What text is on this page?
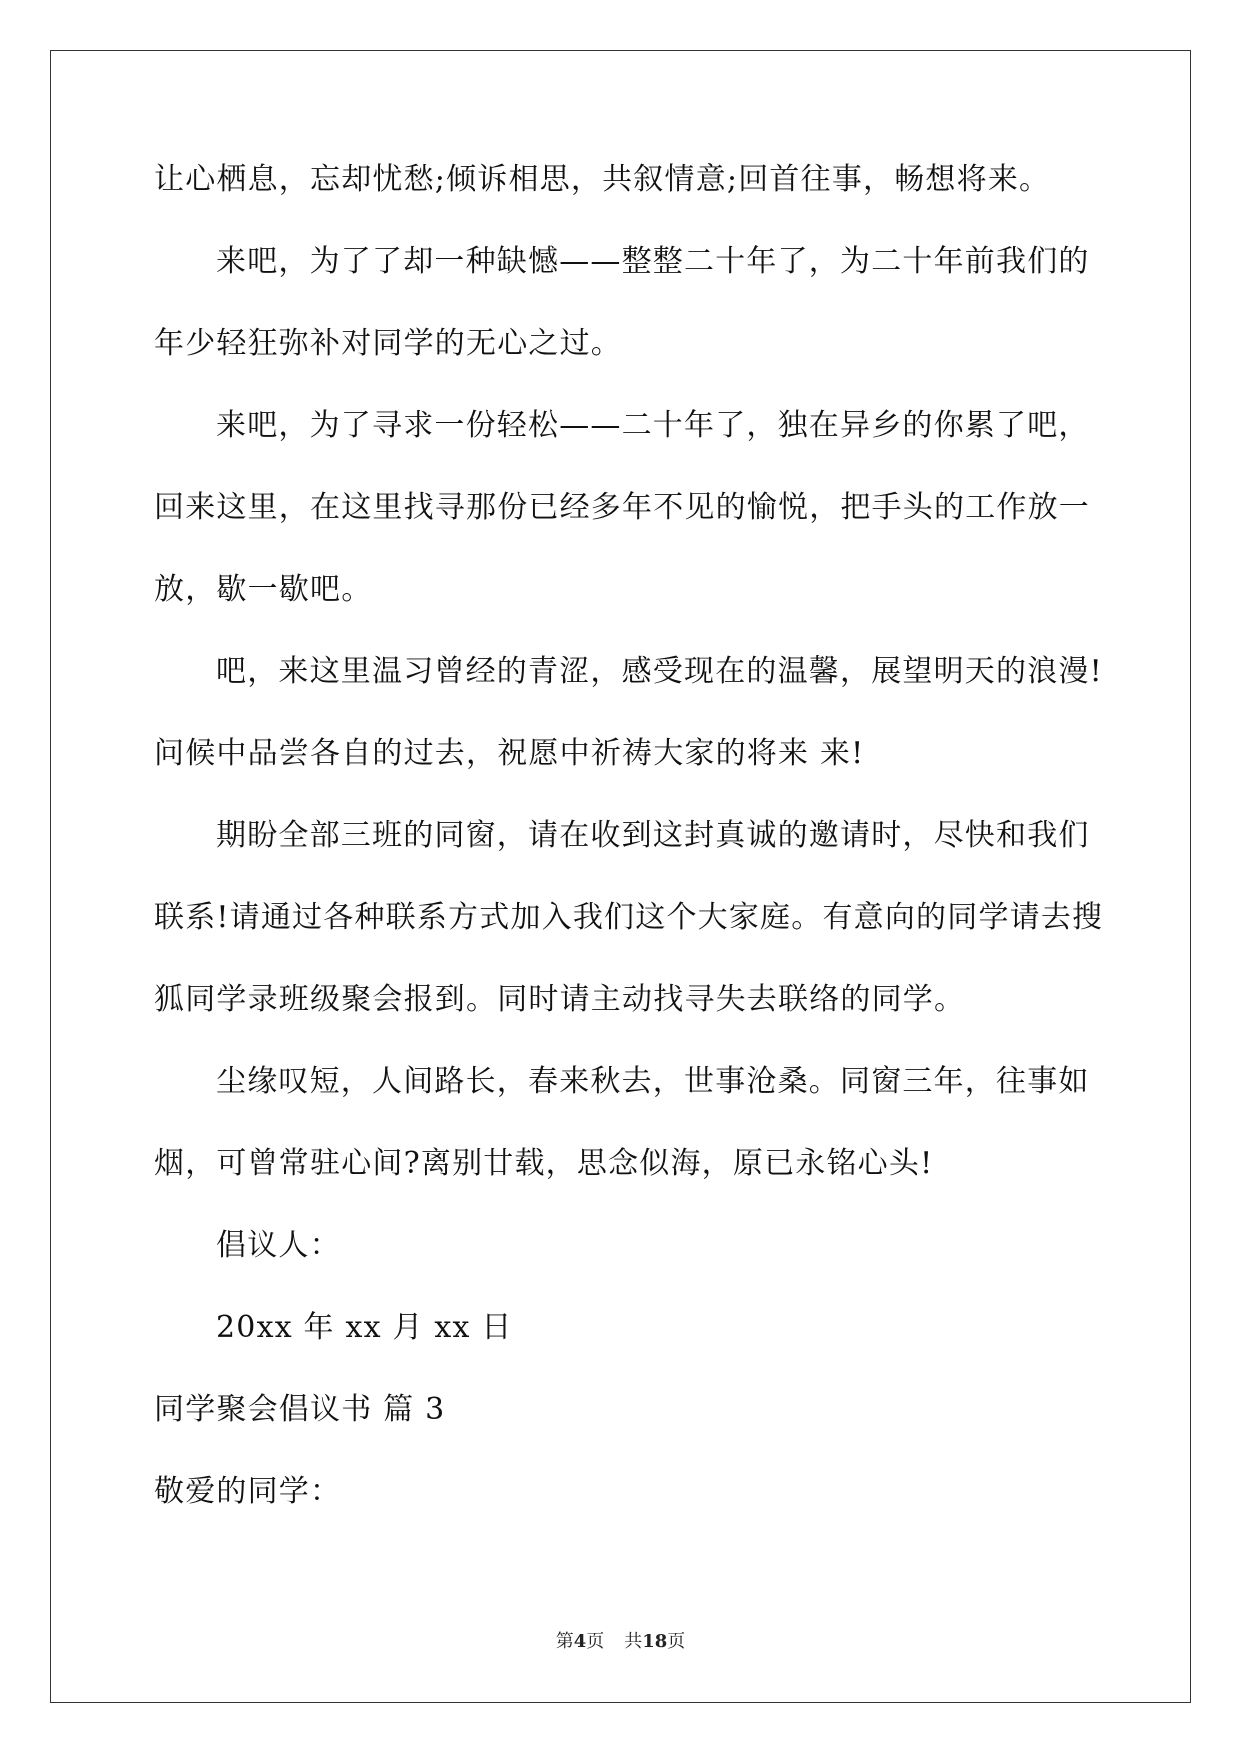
让心栖息，忘却忧愁;倾诉相思，共叙情意;回首往事，畅想将来。
来吧，为了了却一种缺憾——整整二十年了，为二十年前我们的
年少轻狂弥补对同学的无心之过。
来吧，为了寻求一份轻松——二十年了，独在异乡的你累了吧，
回来这里，在这里找寻那份已经多年不见的愉悦，把手头的工作放一
放，歇一歇吧。
吧，来这里温习曾经的青涩，感受现在的温馨，展望明天的浪漫!
问候中品尝各自的过去，祝愿中祈祷大家的将来 来!
期盼全部三班的同窗，请在收到这封真诚的邀请时，尽快和我们
联系!请通过各种联系方式加入我们这个大家庭。有意向的同学请去搜
狐同学录班级聚会报到。同时请主动找寻失去联络的同学。
尘缘叹短，人间路长，春来秋去，世事沧桑。同窗三年，往事如
烟，可曾常驻心间?离别廿载，思念似海，原已永铭心头!
倡议人：
20xx 年 xx 月 xx 日
同学聚会倡议书 篇 3
敬爱的同学：
第4页 共18页
